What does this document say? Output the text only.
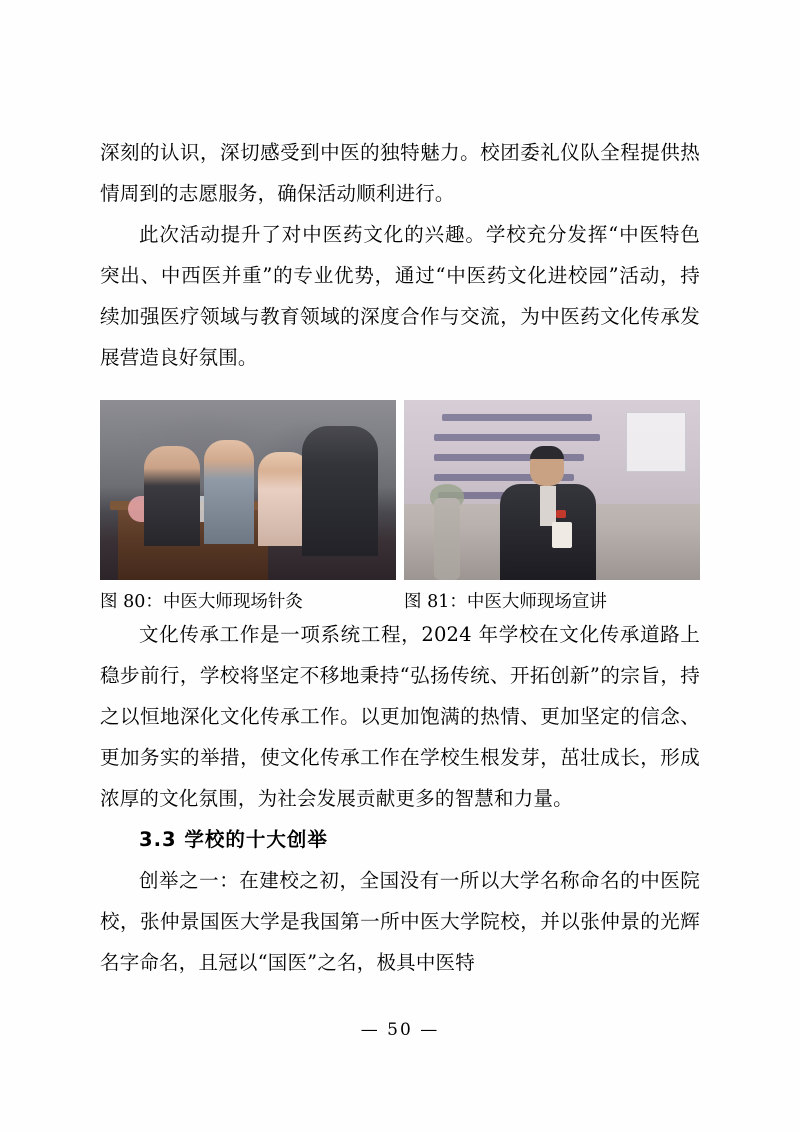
深刻的认识，深切感受到中医的独特魅力。校团委礼仪队全程提供热情周到的志愿服务，确保活动顺利进行。

此次活动提升了对中医药文化的兴趣。学校充分发挥“中医特色突出、中西医并重”的专业优势，通过“中医药文化进校园”活动，持续加强医疗领域与教育领域的深度合作与交流，为中医药文化传承发展营造良好氛围。

图 80：中医大师现场针灸	图 81：中医大师现场宣讲

文化传承工作是一项系统工程，2024 年学校在文化传承道路上稳步前行，学校将坚定不移地秉持“弘扬传统、开拓创新”的宗旨，持之以恒地深化文化传承工作。以更加饱满的热情、更加坚定的信念、更加务实的举措，使文化传承工作在学校生根发芽，茁壮成长，形成浓厚的文化氛围，为社会发展贡献更多的智慧和力量。

3.3 学校的十大创举

创举之一：在建校之初，全国没有一所以大学名称命名的中医院校，张仲景国医大学是我国第一所中医大学院校，并以张仲景的光辉名字命名，且冠以“国医”之名，极具中医特

— 50 —
